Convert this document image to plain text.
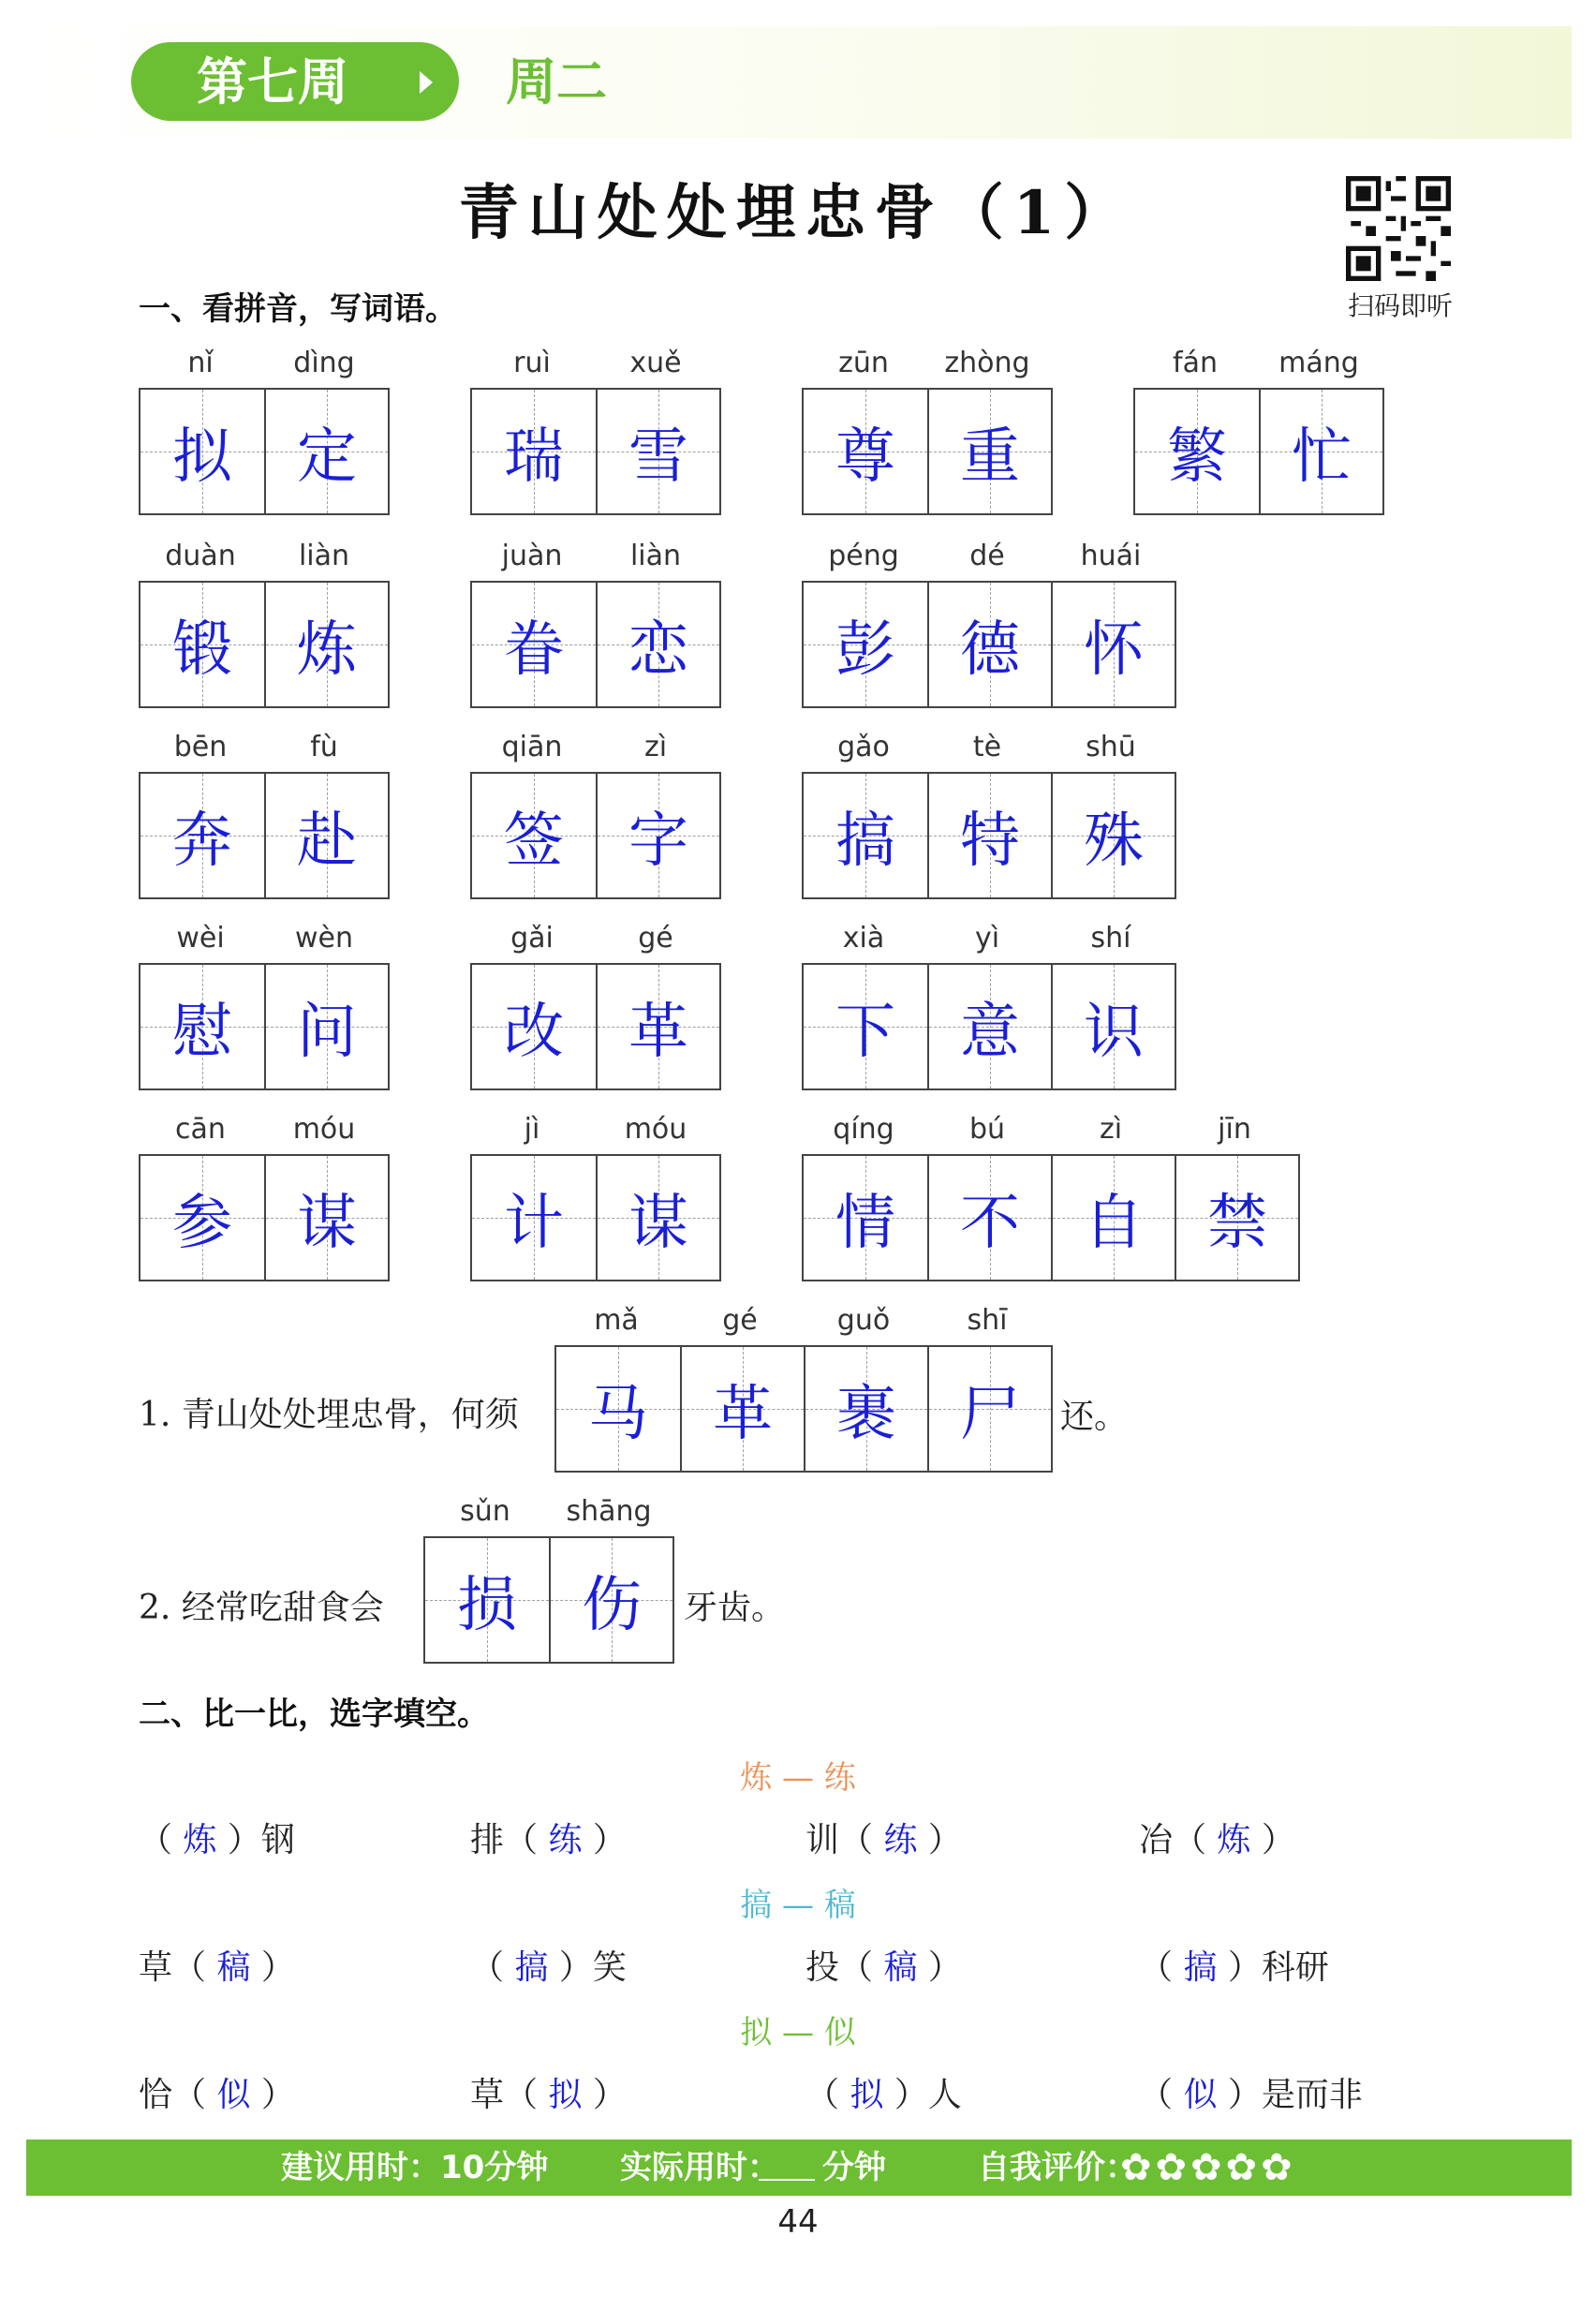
第七周	周二
青山处处埋忠骨（1）
扫码即听
一、看拼音，写词语。
nǐ	dìng
拟 定
ruì	xuě
瑞 雪
zūn	zhòng
尊 重
fán	máng
繁 忙
duàn	liàn
锻 炼
juàn	liàn
眷 恋
péng	dé	huái
彭 德 怀
bēn	fù
奔 赴
qiān	zì
签 字
gǎo	tè	shū
搞 特 殊
wèi	wèn
慰 问
gǎi	gé
改 革
xià	yì	shí
下 意 识
cān	móu
参 谋
jì	móu
计 谋
qíng	bú	zì	jīn
情 不 自 禁
mǎ	gé	guǒ	shī
马 革 裹 尸
sǔn	shāng
损 伤
1. 青山处处埋忠骨，何须	还。
2. 经常吃甜食会	牙齿。
二、比一比，选字填空。
炼 — 练
（ 炼 ）钢	排（ 练 ）	训（ 练 ）	冶（ 炼 ）
搞 — 稿
草（ 稿 ）	（ 搞 ）笑	投（ 稿 ）	（ 搞 ）科研
拟 — 似
恰（ 似 ）	草（ 拟 ）	（ 拟 ）人	（ 似 ）是而非
建议用时：10分钟 实际用时： 分钟	自我评价：
✿✿✿✿✿
44
